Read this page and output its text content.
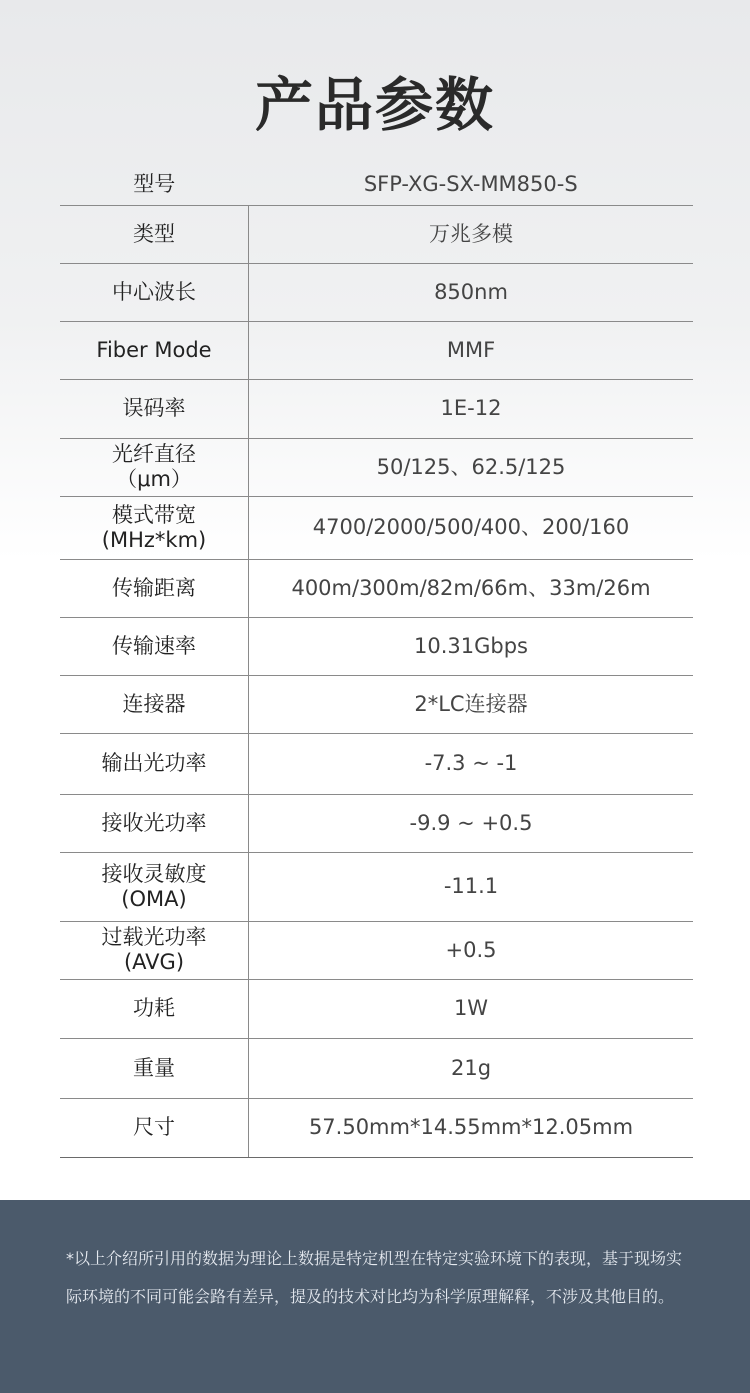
产品参数
型号	SFP-XG-SX-MM850-S
类型	万兆多模
中心波长	850nm
Fiber Mode	MMF
误码率	1E-12
光纤直径
（μm）	50/125、62.5/125
模式带宽
(MHz*km)	4700/2000/500/400、200/160
传输距离	400m/300m/82m/66m、33m/26m
传输速率	10.31Gbps
连接器	2*LC连接器
输出光功率	-7.3 ~ -1
接收光功率	-9.9 ~ +0.5
接收灵敏度
(OMA)	-11.1
过载光功率
(AVG)	+0.5
功耗	1W
重量	21g
尺寸	57.50mm*14.55mm*12.05mm
*以上介绍所引用的数据为理论上数据是特定机型在特定实验环境下的表现，基于现场实际环境的不同可能会路有差异，提及的技术对比均为科学原理解释，不涉及其他目的。
